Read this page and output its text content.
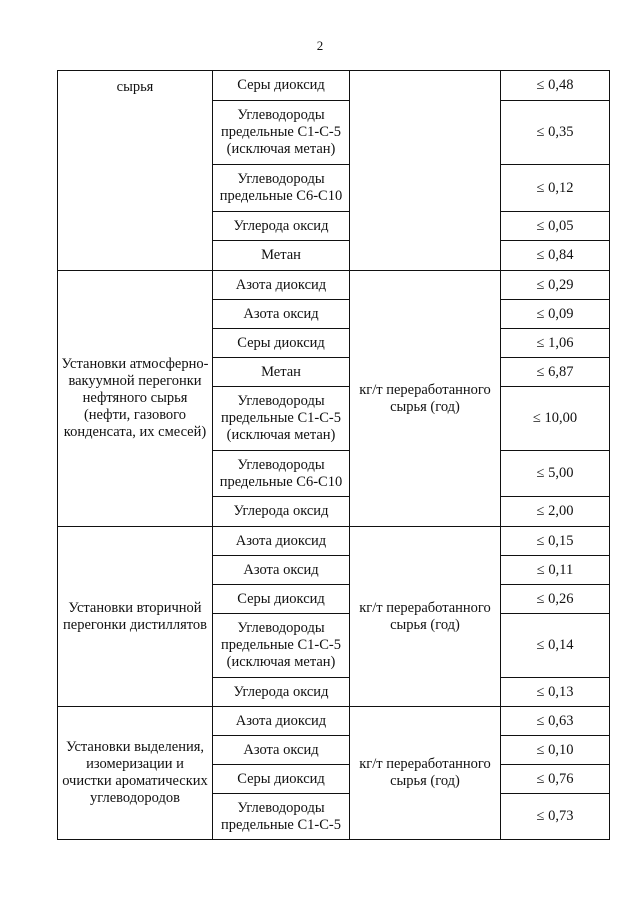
2
сырья	Серы диоксид		≤ 0,48
	Углеводороды предельные С1-С-5 (исключая метан)		≤ 0,35
	Углеводороды предельные С6-С10		≤ 0,12
	Углерода оксид		≤ 0,05
	Метан		≤ 0,84
Установки атмосферно-вакуумной перегонки нефтяного сырья (нефти, газового конденсата, их смесей)	Азота диоксид	кг/т переработанного сырья (год)	≤ 0,29
	Азота оксид		≤ 0,09
	Серы диоксид		≤ 1,06
	Метан		≤ 6,87
	Углеводороды предельные С1-С-5 (исключая метан)		≤ 10,00
	Углеводороды предельные С6-С10		≤ 5,00
	Углерода оксид		≤ 2,00
Установки вторичной перегонки дистиллятов	Азота диоксид	кг/т переработанного сырья (год)	≤ 0,15
	Азота оксид		≤ 0,11
	Серы диоксид		≤ 0,26
	Углеводороды предельные С1-С-5 (исключая метан)		≤ 0,14
	Углерода оксид		≤ 0,13
Установки выделения, изомеризации и очистки ароматических углеводородов	Азота диоксид	кг/т переработанного сырья (год)	≤ 0,63
	Азота оксид		≤ 0,10
	Серы диоксид		≤ 0,76
	Углеводороды предельные С1-С-5		≤ 0,73
